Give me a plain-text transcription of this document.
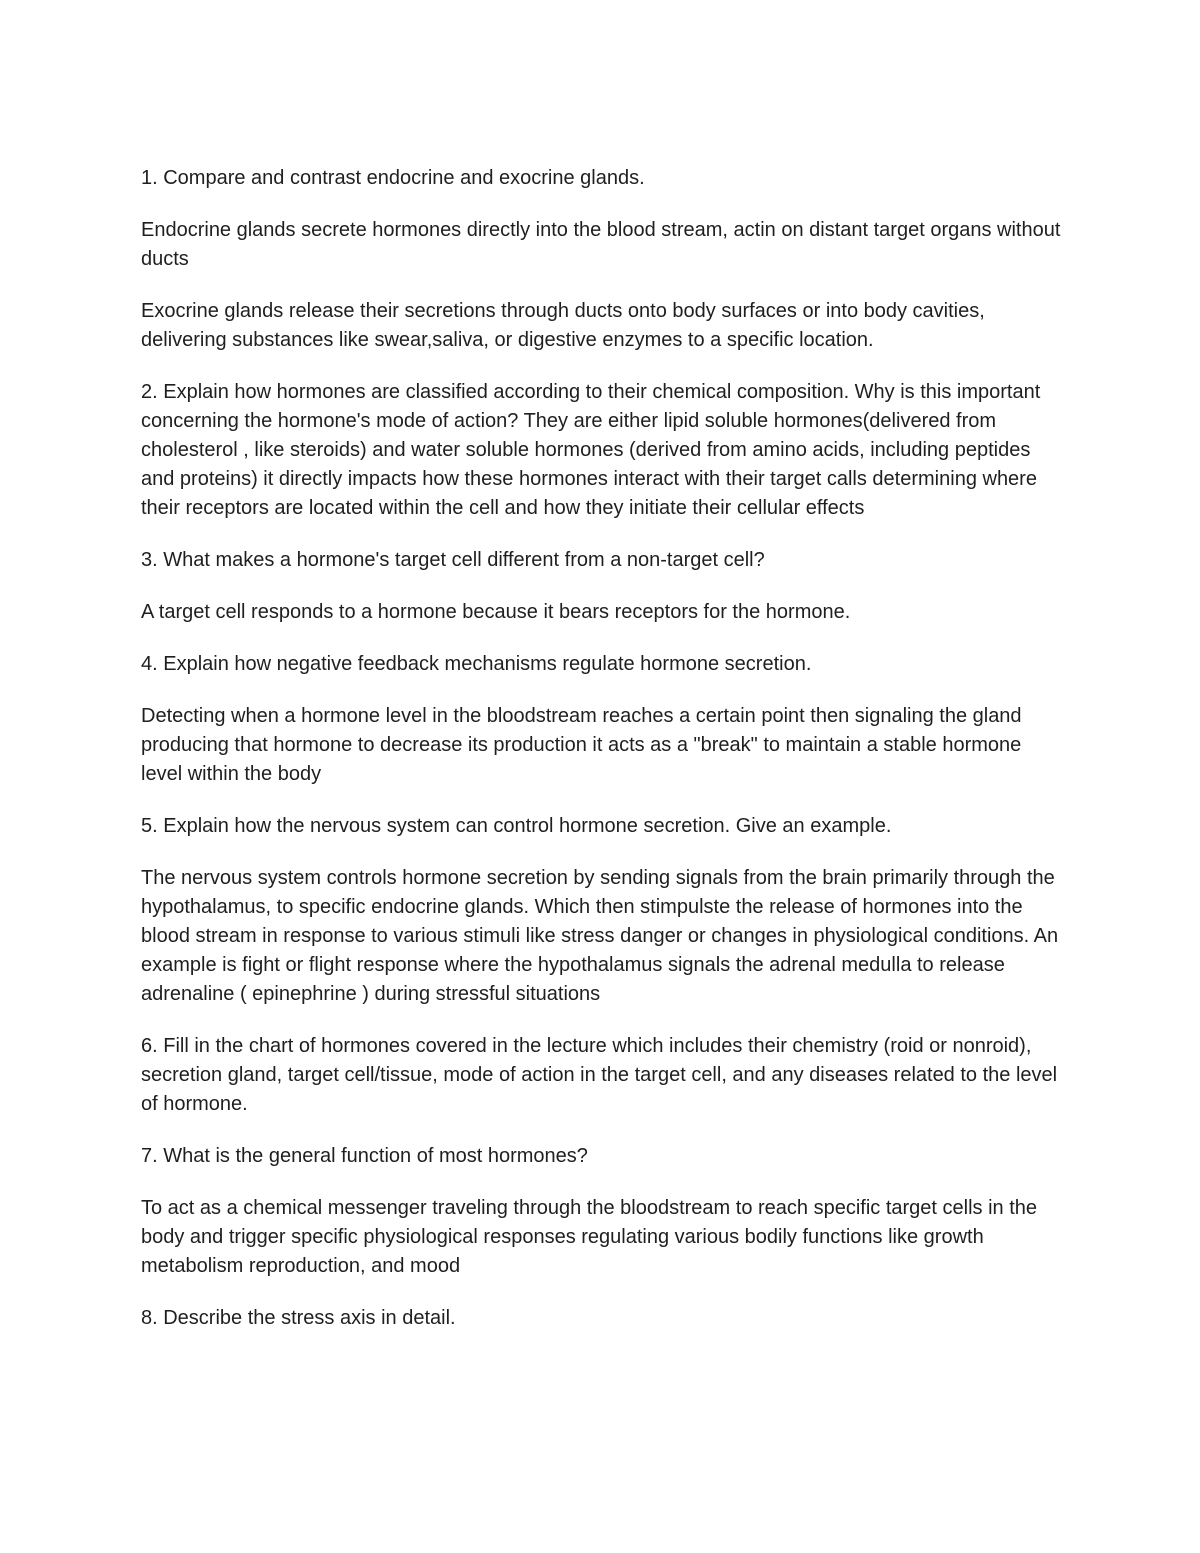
1. Compare and contrast endocrine and exocrine glands.

Endocrine glands secrete hormones directly into the blood stream, actin on distant target organs without ducts

Exocrine glands release their secretions through ducts onto body surfaces or into body cavities, delivering substances like swear,saliva, or digestive enzymes to a specific location.

2. Explain how hormones are classified according to their chemical composition. Why is this important concerning the hormone's mode of action? They are either lipid soluble hormones(delivered from cholesterol , like steroids) and water soluble hormones (derived from amino acids, including peptides and proteins) it directly impacts how these hormones interact with their target calls determining where their receptors are located within the cell and how they initiate their cellular effects

3. What makes a hormone's target cell different from a non-target cell?

A target cell responds to a hormone because it bears receptors for the hormone.

4. Explain how negative feedback mechanisms regulate hormone secretion.

Detecting when a hormone level in the bloodstream reaches a certain point then signaling the gland producing that hormone to decrease its production it acts as a "break" to maintain a stable hormone level within the body

5. Explain how the nervous system can control hormone secretion. Give an example.

The nervous system controls hormone secretion by sending signals from the brain primarily through the hypothalamus, to specific endocrine glands. Which then stimpulste the release of hormones into the blood stream in response to various stimuli like stress danger or changes in physiological conditions. An example is fight or flight response where the hypothalamus signals the adrenal medulla to release adrenaline ( epinephrine ) during stressful situations

6. Fill in the chart of hormones covered in the lecture which includes their chemistry (roid or nonroid), secretion gland, target cell/tissue, mode of action in the target cell, and any diseases related to the level of hormone.

7. What is the general function of most hormones?

To act as a chemical messenger traveling through the bloodstream to reach specific target cells in the body and trigger specific physiological responses regulating various bodily functions like growth metabolism reproduction, and mood

8. Describe the stress axis in detail.
